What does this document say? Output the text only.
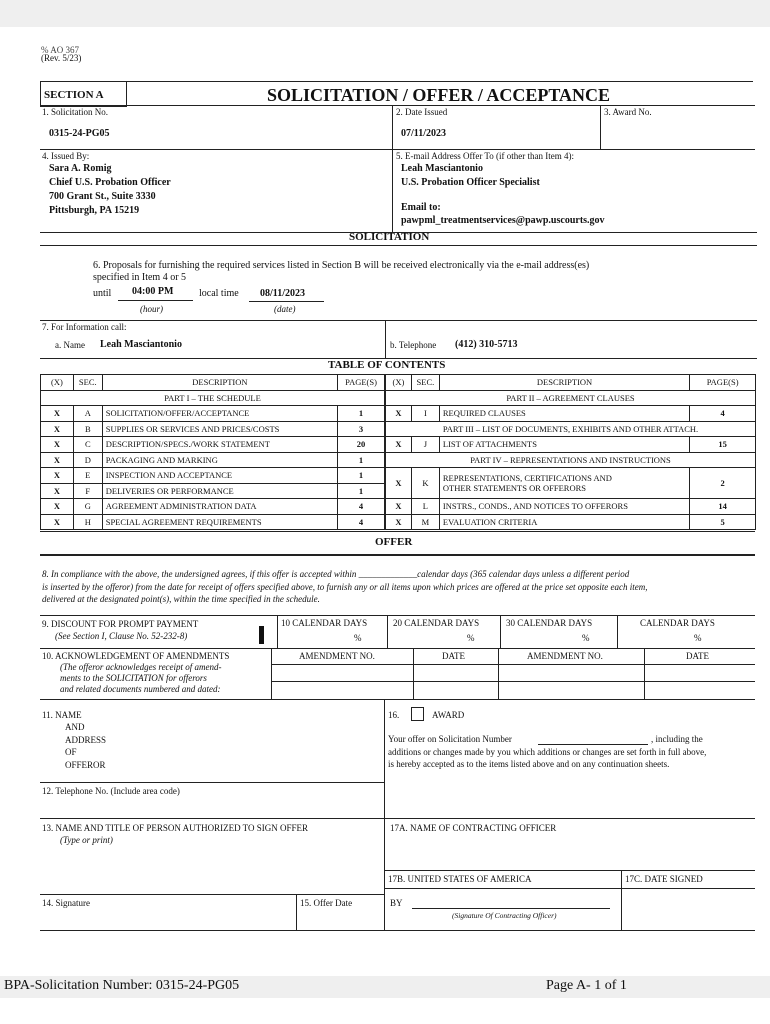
% AO 367
(Rev. 5/23)
SECTION A	SOLICITATION / OFFER / ACCEPTANCE
1. Solicitation No.
0315-24-PG05
2. Date Issued
07/11/2023
3. Award No.
4. Issued By:
Sara A. Romig
Chief U.S. Probation Officer
700 Grant St., Suite 3330
Pittsburgh, PA 15219
5. E-mail Address Offer To (if other than Item 4):
Leah Masciantonio
U.S. Probation Officer Specialist
Email to:
pawpml_treatmentservices@pawp.uscourts.gov
SOLICITATION
6. Proposals for furnishing the required services listed in Section B will be received electronically via the e-mail address(es)
specified in Item 4 or 5
until 04:00 PM	local time 08/11/2023
(hour)	(date)
7. For Information call:
a. Name Leah Masciantonio	b. Telephone (412) 310-5713
TABLE OF CONTENTS
(X)	SEC.	DESCRIPTION	PAGE(S)
PART I – THE SCHEDULE			
X	A	SOLICITATION/OFFER/ACCEPTANCE	1
X	B	SUPPLIES OR SERVICES AND PRICES/COSTS	3
X	C	DESCRIPTION/SPECS./WORK STATEMENT	20
X	D	PACKAGING AND MARKING	1
X	E	INSPECTION AND ACCEPTANCE	1
X	F	DELIVERIES OR PERFORMANCE	1
X	G	AGREEMENT ADMINISTRATION DATA	4
X	H	SPECIAL AGREEMENT REQUIREMENTS	4
(X)	SEC.	DESCRIPTION	PAGE(S)
PART II – AGREEMENT CLAUSES			
X	I	REQUIRED CLAUSES	4
PART III – LIST OF DOCUMENTS, EXHIBITS AND OTHER ATTACH.			
X	J	LIST OF ATTACHMENTS	15
PART IV – REPRESENTATIONS AND INSTRUCTIONS			
X	K	REPRESENTATIONS, CERTIFICATIONS AND
OTHER STATEMENTS OR OFFERORS	2
X	L	INSTRS., CONDS., AND NOTICES TO OFFERORS	14
X	M	EVALUATION CRITERIA	5
OFFER
8. In compliance with the above, the undersigned agrees, if this offer is accepted within _____________calendar days (365 calendar days unless a different period
is inserted by the offeror) from the date for receipt of offers specified above, to furnish any or all items upon which prices are offered at the price set opposite each item,
delivered at the designated point(s), within the time specified in the schedule.
9. DISCOUNT FOR PROMPT PAYMENT
(See Section I, Clause No. 52-232-8)
10 CALENDAR DAYS	20 CALENDAR DAYS	30 CALENDAR DAYS	CALENDAR DAYS
%	%	%	%
10. ACKNOWLEDGEMENT OF AMENDMENTS
(The offeror acknowledges receipt of amend-
ments to the SOLICITATION for offerors
and related documents numbered and dated:
AMENDMENT NO.	DATE	AMENDMENT NO.	DATE
11. NAME
AND
ADDRESS
OF
OFFEROR
16.	AWARD
Your offer on Solicitation Number	, including the
additions or changes made by you which additions or changes are set forth in full above,
is hereby accepted as to the items listed above and on any continuation sheets.
12. Telephone No. (Include area code)
13. NAME AND TITLE OF PERSON AUTHORIZED TO SIGN OFFER
(Type or print)
17A. NAME OF CONTRACTING OFFICER
17B. UNITED STATES OF AMERICA	17C. DATE SIGNED
14. Signature	15. Offer Date	BY
(Signature Of Contracting Officer)
BPA-Solicitation Number: 0315-24-PG05	Page A- 1 of 1
